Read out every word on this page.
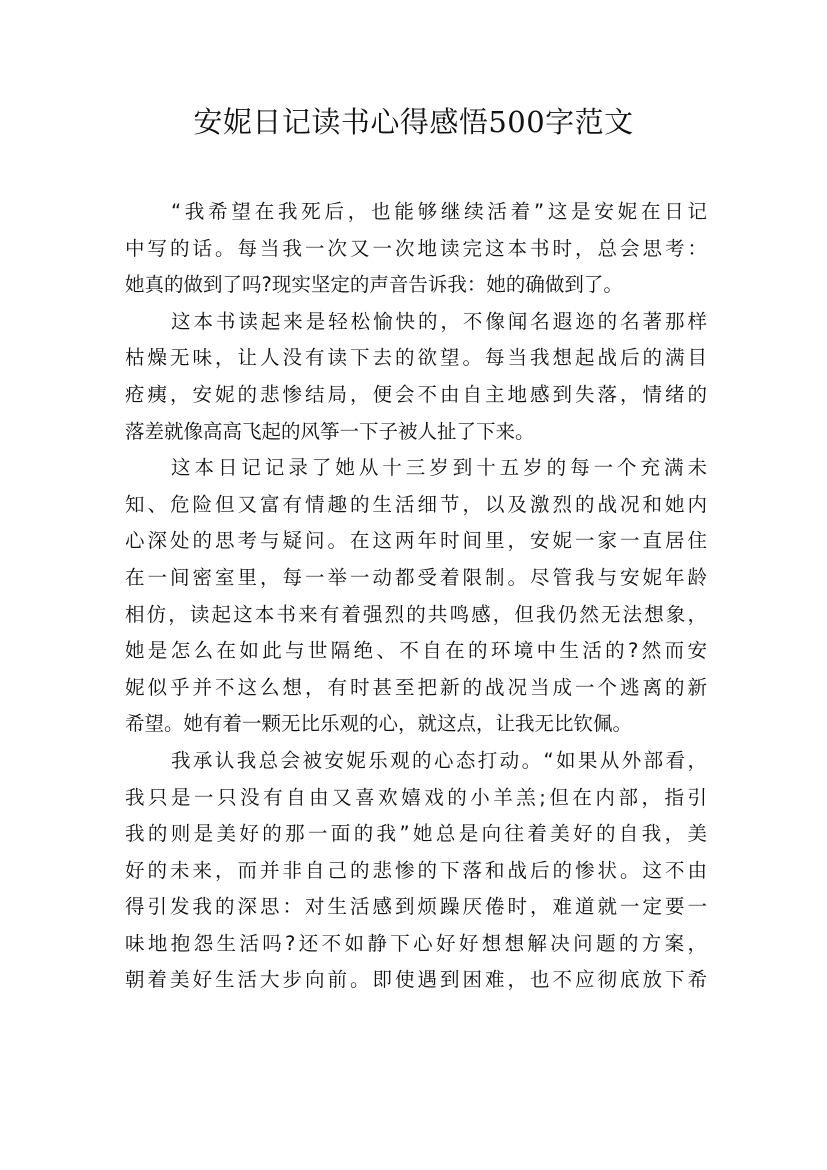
安妮日记读书心得感悟500字范文

“我希望在我死后，也能够继续活着”这是安妮在日记
中写的话。每当我一次又一次地读完这本书时，总会思考：
她真的做到了吗?现实坚定的声音告诉我：她的确做到了。

这本书读起来是轻松愉快的，不像闻名遐迩的名著那样
枯燥无味，让人没有读下去的欲望。每当我想起战后的满目
疮痍，安妮的悲惨结局，便会不由自主地感到失落，情绪的
落差就像高高飞起的风筝一下子被人扯了下来。

这本日记记录了她从十三岁到十五岁的每一个充满未
知、危险但又富有情趣的生活细节，以及激烈的战况和她内
心深处的思考与疑问。在这两年时间里，安妮一家一直居住
在一间密室里，每一举一动都受着限制。尽管我与安妮年龄
相仿，读起这本书来有着强烈的共鸣感，但我仍然无法想象，
她是怎么在如此与世隔绝、不自在的环境中生活的?然而安
妮似乎并不这么想，有时甚至把新的战况当成一个逃离的新
希望。她有着一颗无比乐观的心，就这点，让我无比钦佩。

我承认我总会被安妮乐观的心态打动。“如果从外部看，
我只是一只没有自由又喜欢嬉戏的小羊羔;但在内部，指引
我的则是美好的那一面的我”她总是向往着美好的自我，美
好的未来，而并非自己的悲惨的下落和战后的惨状。这不由
得引发我的深思：对生活感到烦躁厌倦时，难道就一定要一
味地抱怨生活吗?还不如静下心好好想想解决问题的方案，
朝着美好生活大步向前。即使遇到困难，也不应彻底放下希
